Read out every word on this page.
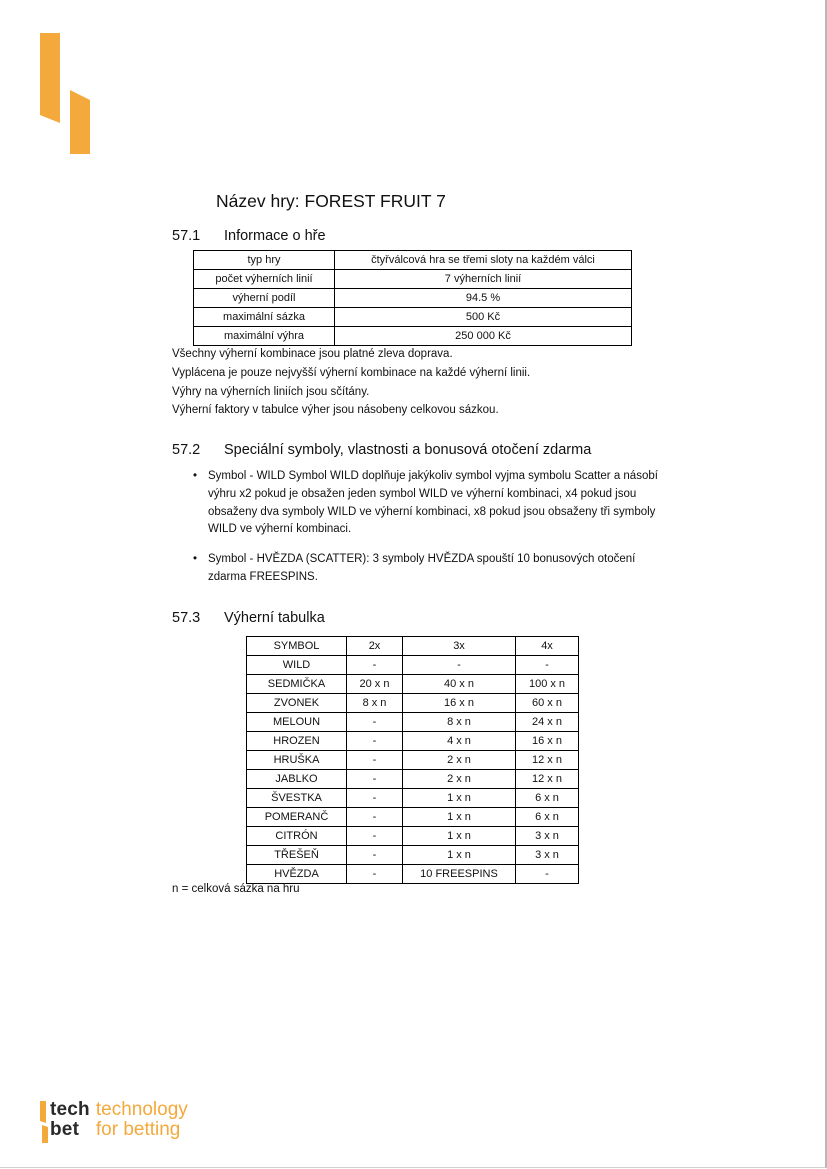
Název hry: FOREST FRUIT 7
57.1 Informace o hře
typ hry	čtyřválcová hra se třemi sloty na každém válci
počet výherních linií	7 výherních linií
výherní podíl	94.5 %
maximální sázka	500 Kč
maximální výhra	250 000 Kč
Všechny výherní kombinace jsou platné zleva doprava.
Vyplácena je pouze nejvyšší výherní kombinace na každé výherní linii.
Výhry na výherních liniích jsou sčítány.
Výherní faktory v tabulce výher jsou násobeny celkovou sázkou.
57.2 Speciální symboly, vlastnosti a bonusová otočení zdarma
• Symbol - WILD Symbol WILD doplňuje jakýkoliv symbol vyjma symbolu Scatter a násobí výhru x2 pokud je obsažen jeden symbol WILD ve výherní kombinaci, x4 pokud jsou obsaženy dva symboly WILD ve výherní kombinaci, x8 pokud jsou obsaženy tři symboly WILD ve výherní kombinaci.
• Symbol - HVĚZDA (SCATTER): 3 symboly HVĚZDA spouští 10 bonusových otočení zdarma FREESPINS.
57.3 Výherní tabulka
SYMBOL	2x	3x	4x
WILD	-	-	-
SEDMIČKA	20 x n	40 x n	100 x n
ZVONEK	8 x n	16 x n	60 x n
MELOUN	-	8 x n	24 x n
HROZEN	-	4 x n	16 x n
HRUŠKA	-	2 x n	12 x n
JABLKO	-	2 x n	12 x n
ŠVESTKA	-	1 x n	6 x n
POMERANČ	-	1 x n	6 x n
CITRÓN	-	1 x n	3 x n
TŘEŠEŇ	-	1 x n	3 x n
HVĚZDA	-	10 FREESPINS	-
n = celková sázka na hru
tech
bet
technology
for betting
